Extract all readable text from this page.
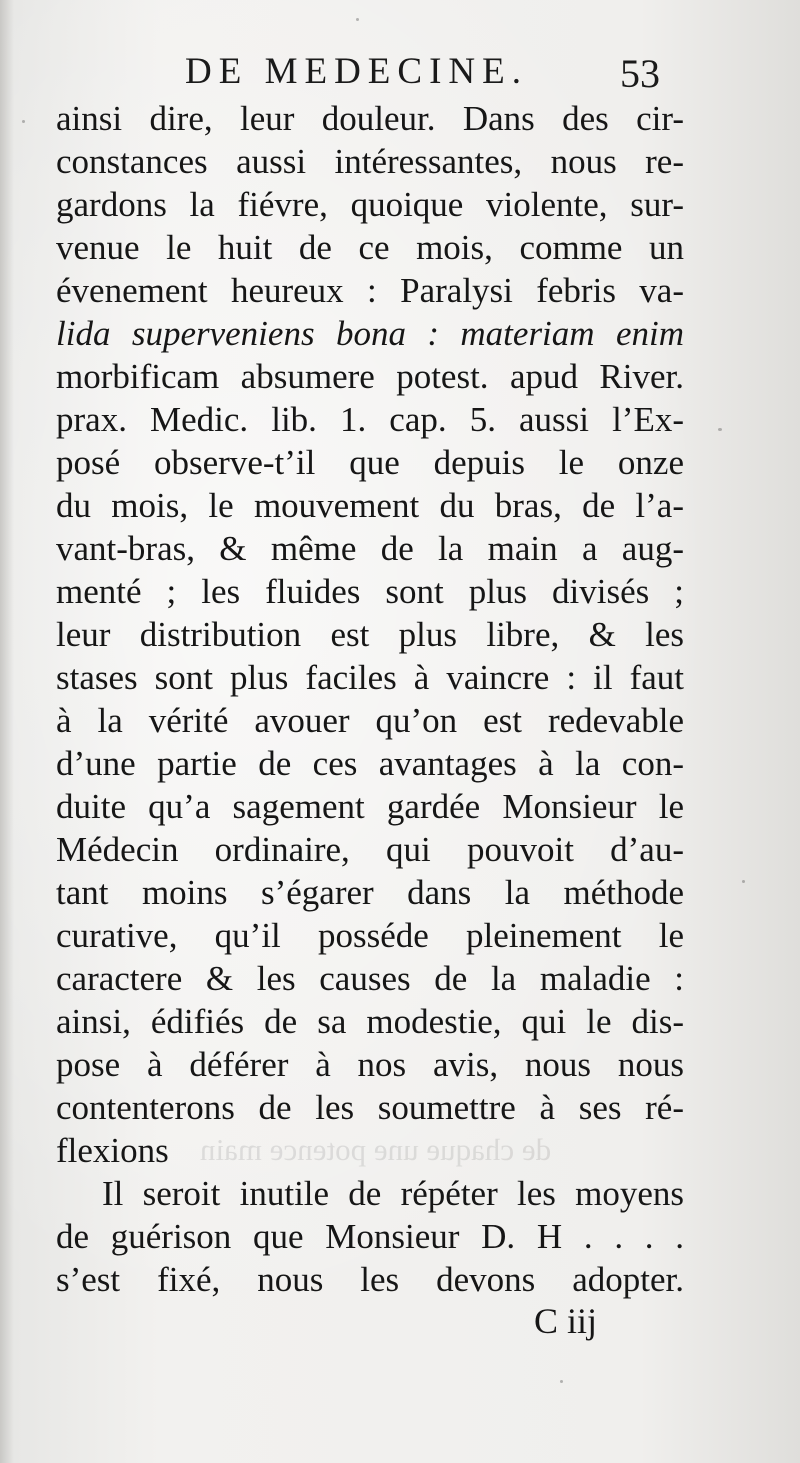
de chaque une potence main
DE MEDECINE. 53
ainsi dire, leur douleur. Dans des cir-
constances aussi intéressantes, nous re-
gardons la fiévre, quoique violente, sur-
venue le huit de ce mois, comme un
évenement heureux : Paralysi febris va-
lida superveniens bona : materiam enim
morbificam absumere potest. apud River.
prax. Medic. lib. 1. cap. 5. aussi l’Ex-
posé observe-t’il que depuis le onze
du mois, le mouvement du bras, de l’a-
vant-bras, & même de la main a aug-
menté ; les fluides sont plus divisés ;
leur distribution est plus libre, & les
stases sont plus faciles à vaincre : il faut
à la vérité avouer qu’on est redevable
d’une partie de ces avantages à la con-
duite qu’a sagement gardée Monsieur le
Médecin ordinaire, qui pouvoit d’au-
tant moins s’égarer dans la méthode
curative, qu’il posséde pleinement le
caractere & les causes de la maladie :
ainsi, édifiés de sa modestie, qui le dis-
pose à déférer à nos avis, nous nous
contenterons de les soumettre à ses ré-
flexions
Il seroit inutile de répéter les moyens
de guérison que Monsieur D. H . . . .
s’est fixé, nous les devons adopter.
C iij
